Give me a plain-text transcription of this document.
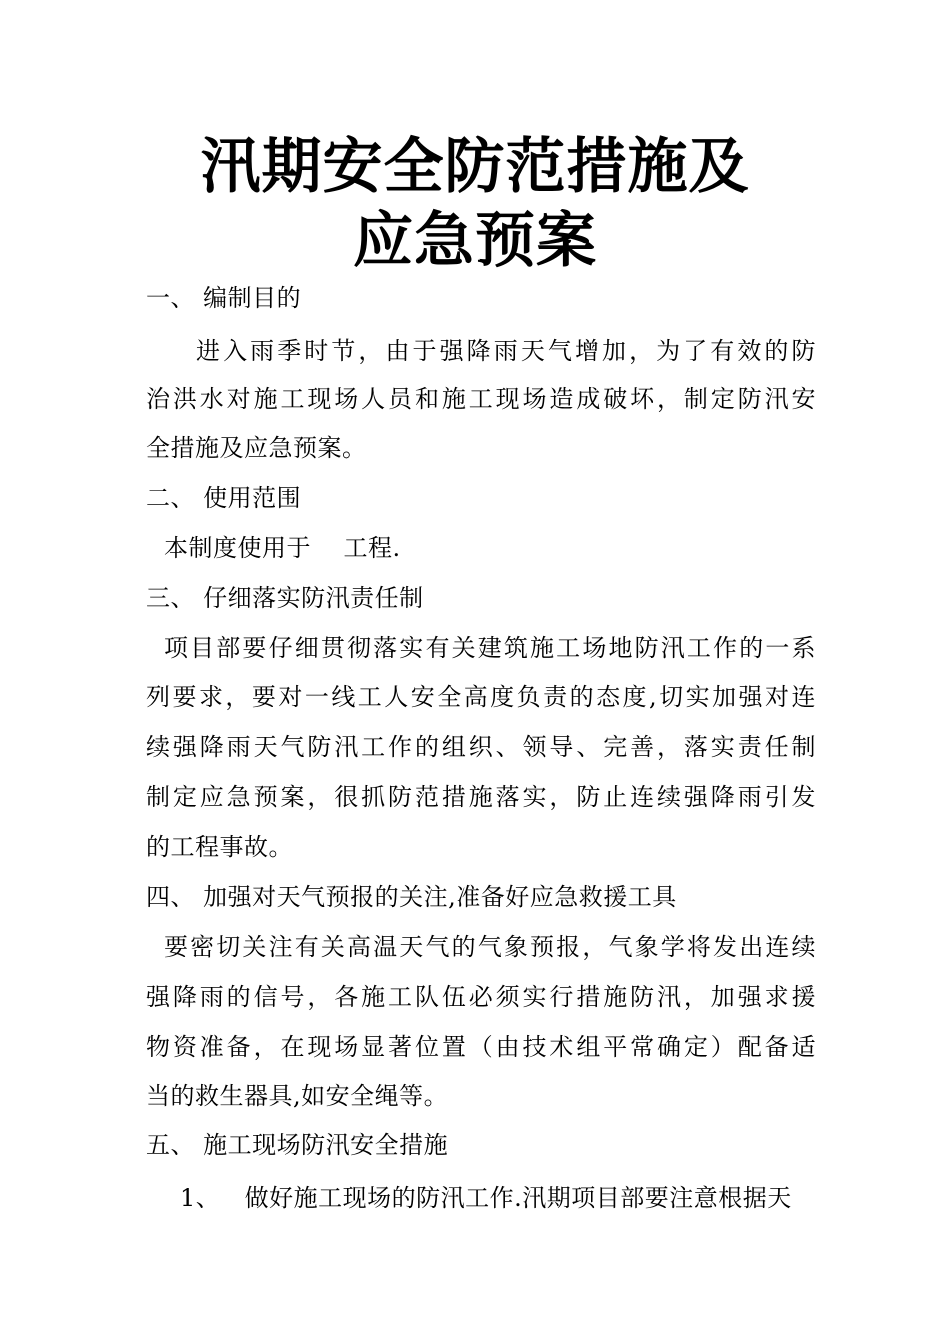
汛期安全防范措施及
应急预案
一、 编制目的
进入雨季时节，由于强降雨天气增加，为了有效的防
治洪水对施工现场人员和施工现场造成破坏，制定防汛安
全措施及应急预案。
二、 使用范围
本制度使用于    工程.
三、 仔细落实防汛责任制
项目部要仔细贯彻落实有关建筑施工场地防汛工作的一系
列要求，要对一线工人安全高度负责的态度,切实加强对连
续强降雨天气防汛工作的组织、领导、完善，落实责任制
制定应急预案，很抓防范措施落实，防止连续强降雨引发
的工程事故。
四、 加强对天气预报的关注,准备好应急救援工具
要密切关注有关高温天气的气象预报，气象学将发出连续
强降雨的信号，各施工队伍必须实行措施防汛，加强求援
物资准备，在现场显著位置（由技术组平常确定）配备适
当的救生器具,如安全绳等。
五、 施工现场防汛安全措施
1、   做好施工现场的防汛工作.汛期项目部要注意根据天
